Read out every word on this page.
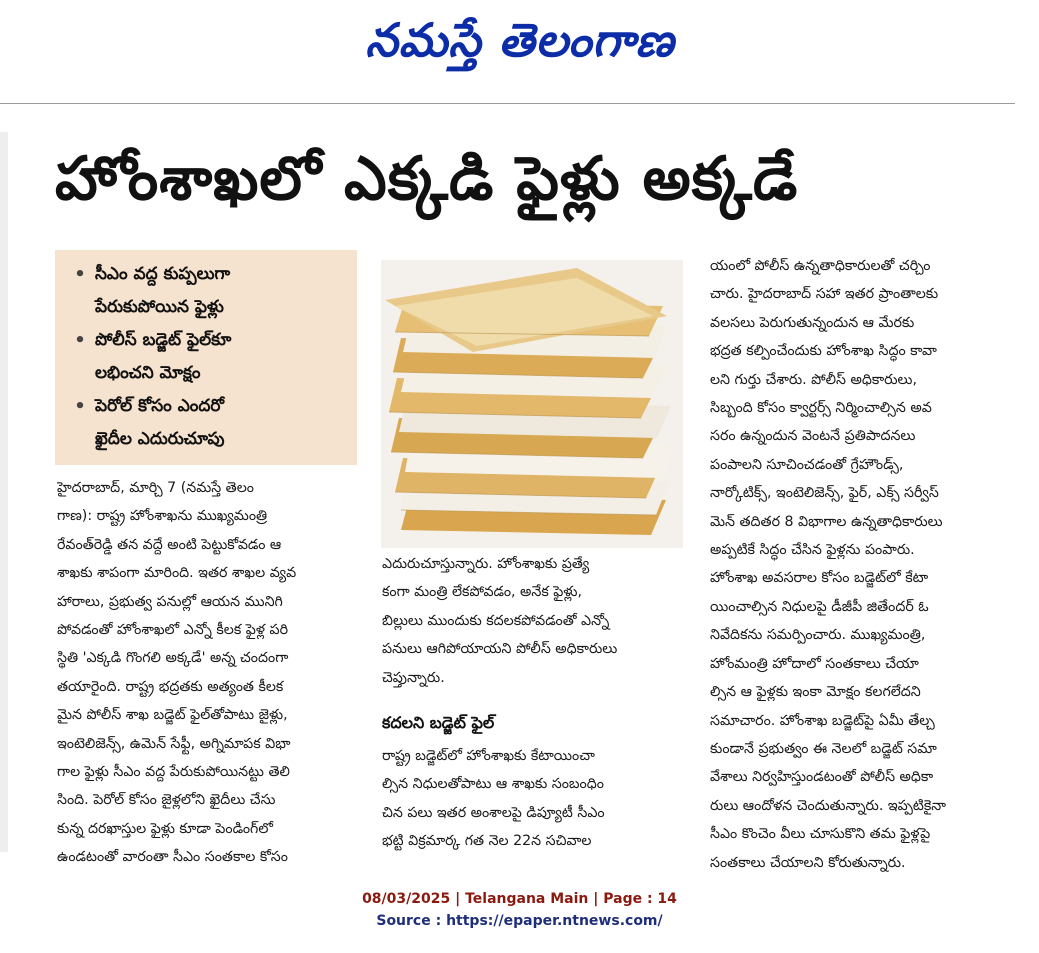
నమస్తే తెలంగాణ
హోంశాఖలో ఎక్కడి ఫైళ్లు అక్కడే
• సీఎం వద్ద కుప్పలుగా
పేరుకుపోయిన ఫైళ్లు
• పోలీస్ బడ్జెట్ ఫైల్‌కూ
లభించని మోక్షం
• పెరోల్ కోసం ఎందరో
ఖైదీల ఎదురుచూపు
హైదరాబాద్, మార్చి 7 (నమస్తే తెలం
గాణ): రాష్ట్ర హోంశాఖను ముఖ్యమంత్రి
రేవంత్‌రెడ్డి తన వద్దే అంటి పెట్టుకోవడం ఆ
శాఖకు శాపంగా మారింది. ఇతర శాఖల వ్యవ
హారాలు, ప్రభుత్వ పనుల్లో ఆయన మునిగి
పోవడంతో హోంశాఖలో ఎన్నో కీలక ఫైళ్ల పరి
స్థితి 'ఎక్కడి గొంగలి అక్కడే' అన్న చందంగా
తయారైంది. రాష్ట్ర భద్రతకు అత్యంత కీలక
మైన పోలీస్ శాఖ బడ్జెట్ ఫైల్‌తోపాటు జైళ్లు,
ఇంటెలిజెన్స్, ఉమెన్ సేఫ్టీ, అగ్నిమాపక విభా
గాల ఫైళ్లు సీఎం వద్ద పేరుకుపోయినట్టు తెలి
సింది. పెరోల్ కోసం జైళ్లలోని ఖైదీలు చేసు
కున్న దరఖాస్తుల ఫైళ్లు కూడా పెండింగ్‌లో
ఉండటంతో వారంతా సీఎం సంతకాల కోసం
ఎదురుచూస్తున్నారు. హోంశాఖకు ప్రత్యే
కంగా మంత్రి లేకపోవడం, అనేక ఫైళ్లు,
బిల్లులు ముందుకు కదలకపోవడంతో ఎన్నో
పనులు ఆగిపోయాయని పోలీస్ అధికారులు
చెప్తున్నారు.
కదలని బడ్జెట్ ఫైల్
రాష్ట్ర బడ్జెట్‌లో హోంశాఖకు కేటాయించా
ల్సిన నిధులతోపాటు ఆ శాఖకు సంబంధిం
చిన పలు ఇతర అంశాలపై డిప్యూటీ సీఎం
భట్టి విక్రమార్క గత నెల 22న సచివాల
యంలో పోలీస్ ఉన్నతాధికారులతో చర్చిం
చారు. హైదరాబాద్ సహా ఇతర ప్రాంతాలకు
వలసలు పెరుగుతున్నందున ఆ మేరకు
భద్రత కల్పించేందుకు హోంశాఖ సిద్ధం కావా
లని గుర్తు చేశారు. పోలీస్ అధికారులు,
సిబ్బంది కోసం క్వార్టర్స్ నిర్మించాల్సిన అవ
సరం ఉన్నందున వెంటనే ప్రతిపాదనలు
పంపాలని సూచించడంతో గ్రేహౌండ్స్,
నార్కోటిక్స్, ఇంటెలిజెన్స్, ఫైర్, ఎక్స్ సర్వీస్
మెన్ తదితర 8 విభాగాల ఉన్నతాధికారులు
అప్పటికే సిద్ధం చేసిన ఫైళ్లను పంపారు.
హోంశాఖ అవసరాల కోసం బడ్జెట్‌లో కేటా
యించాల్సిన నిధులపై డీజీపీ జితేందర్ ఓ
నివేదికను సమర్పించారు. ముఖ్యమంత్రి,
హోంమంత్రి హోదాలో సంతకాలు చేయా
ల్సిన ఆ ఫైళ్లకు ఇంకా మోక్షం కలగలేదని
సమాచారం. హోంశాఖ బడ్జెట్‌పై ఏమీ తేల్చ
కుండానే ప్రభుత్వం ఈ నెలలో బడ్జెట్ సమా
వేశాలు నిర్వహిస్తుండటంతో పోలీస్ అధికా
రులు ఆందోళన చెందుతున్నారు. ఇప్పటికైనా
సీఎం కొంచెం వీలు చూసుకొని తమ ఫైళ్లపై
సంతకాలు చేయాలని కోరుతున్నారు.
08/03/2025 | Telangana Main | Page : 14
Source : https://epaper.ntnews.com/
